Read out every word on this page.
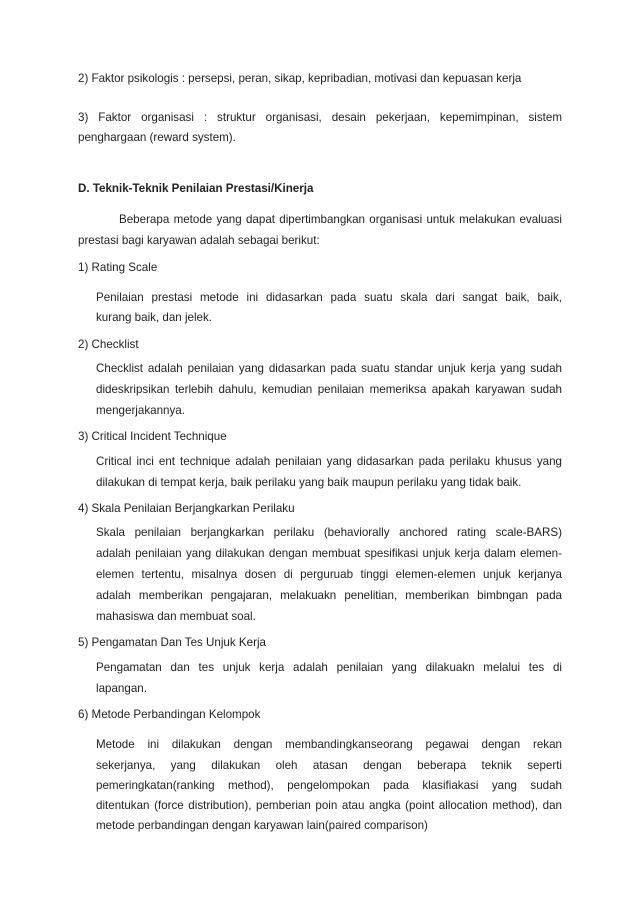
2) Faktor psikologis : persepsi, peran, sikap, kepribadian, motivasi dan kepuasan kerja
3) Faktor organisasi : struktur organisasi, desain pekerjaan, kepemimpinan, sistem
penghargaan (reward system).
D. Teknik-Teknik Penilaian Prestasi/Kinerja
Beberapa metode yang dapat dipertimbangkan organisasi untuk melakukan evaluasi
prestasi bagi karyawan adalah sebagai berikut:
1) Rating Scale
Penilaian prestasi metode ini didasarkan pada suatu skala dari sangat baik, baik,
kurang baik, dan jelek.
2) Checklist
Checklist adalah penilaian yang didasarkan pada suatu standar unjuk kerja yang sudah
dideskripsikan terlebih dahulu, kemudian penilaian memeriksa apakah karyawan sudah
mengerjakannya.
3) Critical Incident Technique
Critical inci ent technique adalah penilaian yang didasarkan pada perilaku khusus yang
dilakukan di tempat kerja, baik perilaku yang baik maupun perilaku yang tidak baik.
4) Skala Penilaian Berjangkarkan Perilaku
Skala penilaian berjangkarkan perilaku (behaviorally anchored rating scale-BARS)
adalah penilaian yang dilakukan dengan membuat spesifikasi unjuk kerja dalam elemen-
elemen tertentu, misalnya dosen di perguruab tinggi elemen-elemen unjuk kerjanya
adalah memberikan pengajaran, melakuakn penelitian, memberikan bimbngan pada
mahasiswa dan membuat soal.
5) Pengamatan Dan Tes Unjuk Kerja
Pengamatan dan tes unjuk kerja adalah penilaian yang dilakuakn melalui tes di
lapangan.
6) Metode Perbandingan Kelompok
Metode ini dilakukan dengan membandingkanseorang pegawai dengan rekan
sekerjanya, yang dilakukan oleh atasan dengan beberapa teknik seperti
pemeringkatan(ranking method), pengelompokan pada klasifiakasi yang sudah
ditentukan (force distribution), pemberian poin atau angka (point allocation method), dan
metode perbandingan dengan karyawan lain(paired comparison)
